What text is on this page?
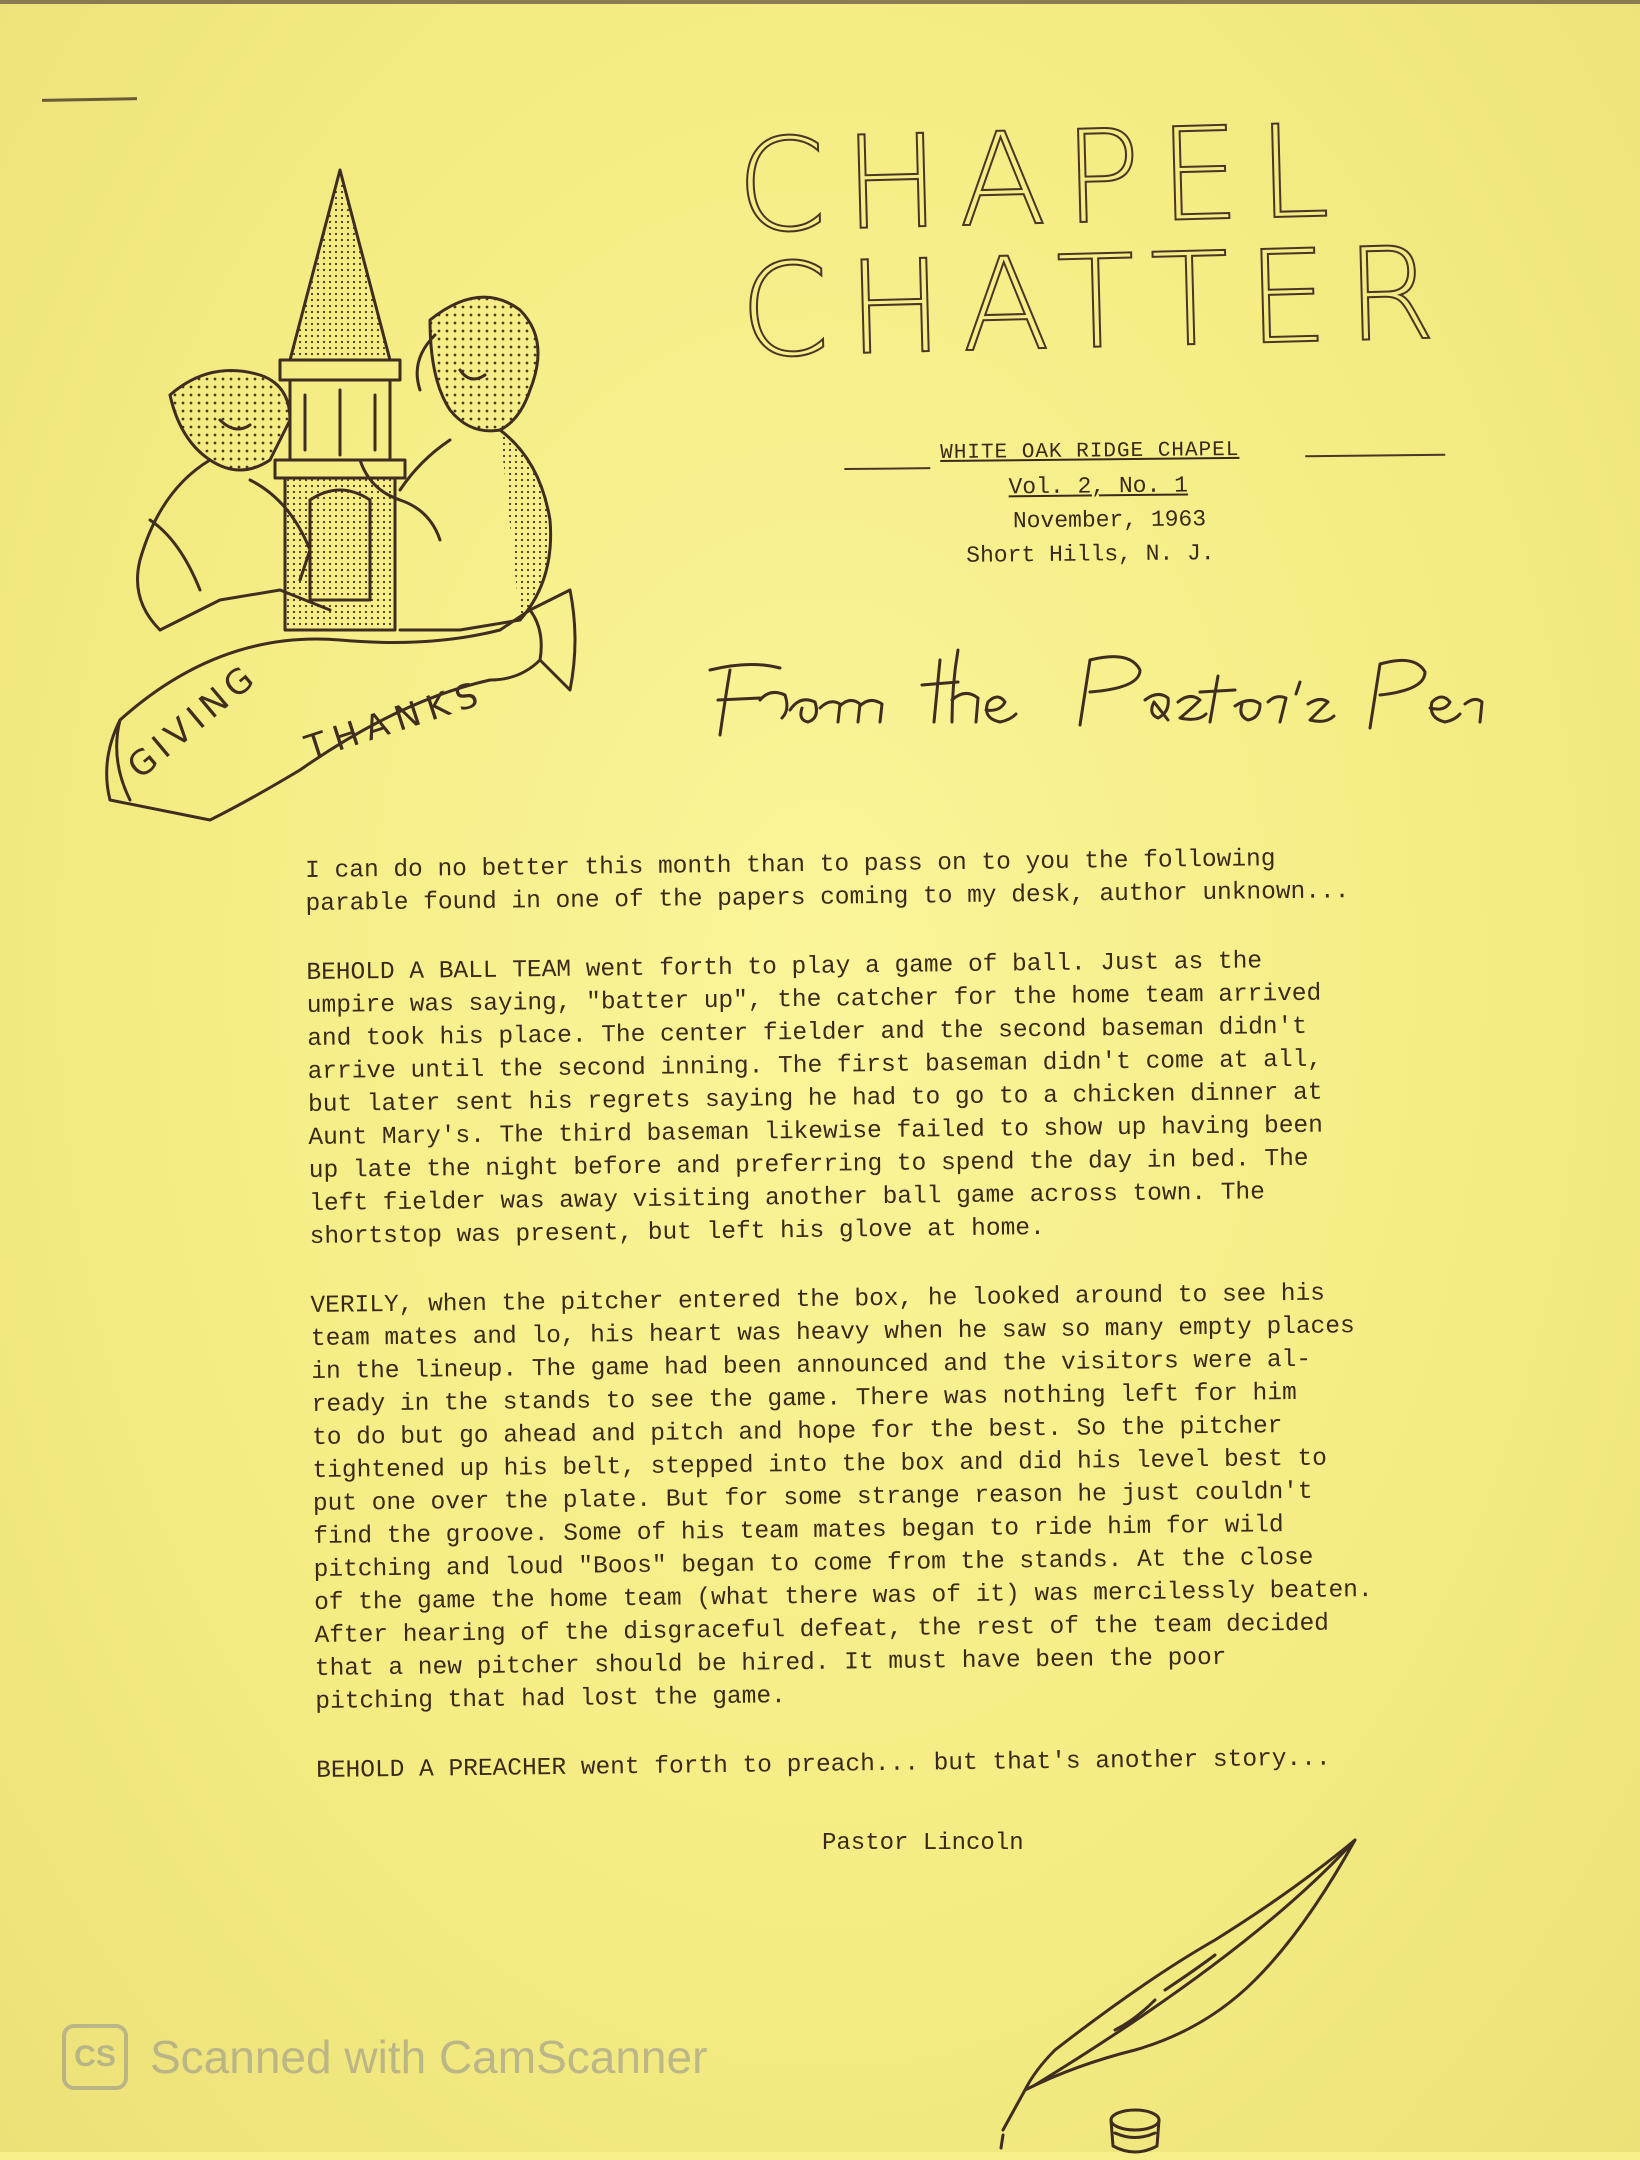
CHAPEL
CHATTER
GIVING THANKS
WHITE OAK RIDGE CHAPEL
Vol. 2, No. 1
November, 1963
Short Hills, N. J.

I can do no better this month than to pass on to you the following
parable found in one of the papers coming to my desk, author unknown...

BEHOLD A BALL TEAM went forth to play a game of ball. Just as the
umpire was saying, "batter up", the catcher for the home team arrived
and took his place. The center fielder and the second baseman didn't
arrive until the second inning. The first baseman didn't come at all,
but later sent his regrets saying he had to go to a chicken dinner at
Aunt Mary's. The third baseman likewise failed to show up having been
up late the night before and preferring to spend the day in bed. The
left fielder was away visiting another ball game across town. The
shortstop was present, but left his glove at home.

VERILY, when the pitcher entered the box, he looked around to see his
team mates and lo, his heart was heavy when he saw so many empty places
in the lineup. The game had been announced and the visitors were al-
ready in the stands to see the game. There was nothing left for him
to do but go ahead and pitch and hope for the best. So the pitcher
tightened up his belt, stepped into the box and did his level best to
put one over the plate. But for some strange reason he just couldn't
find the groove. Some of his team mates began to ride him for wild
pitching and loud "Boos" began to come from the stands. At the close
of the game the home team (what there was of it) was mercilessly beaten.
After hearing of the disgraceful defeat, the rest of the team decided
that a new pitcher should be hired. It must have been the poor
pitching that had lost the game.

BEHOLD A PREACHER went forth to preach... but that's another story...

Pastor Lincoln
CS Scanned with CamScanner
